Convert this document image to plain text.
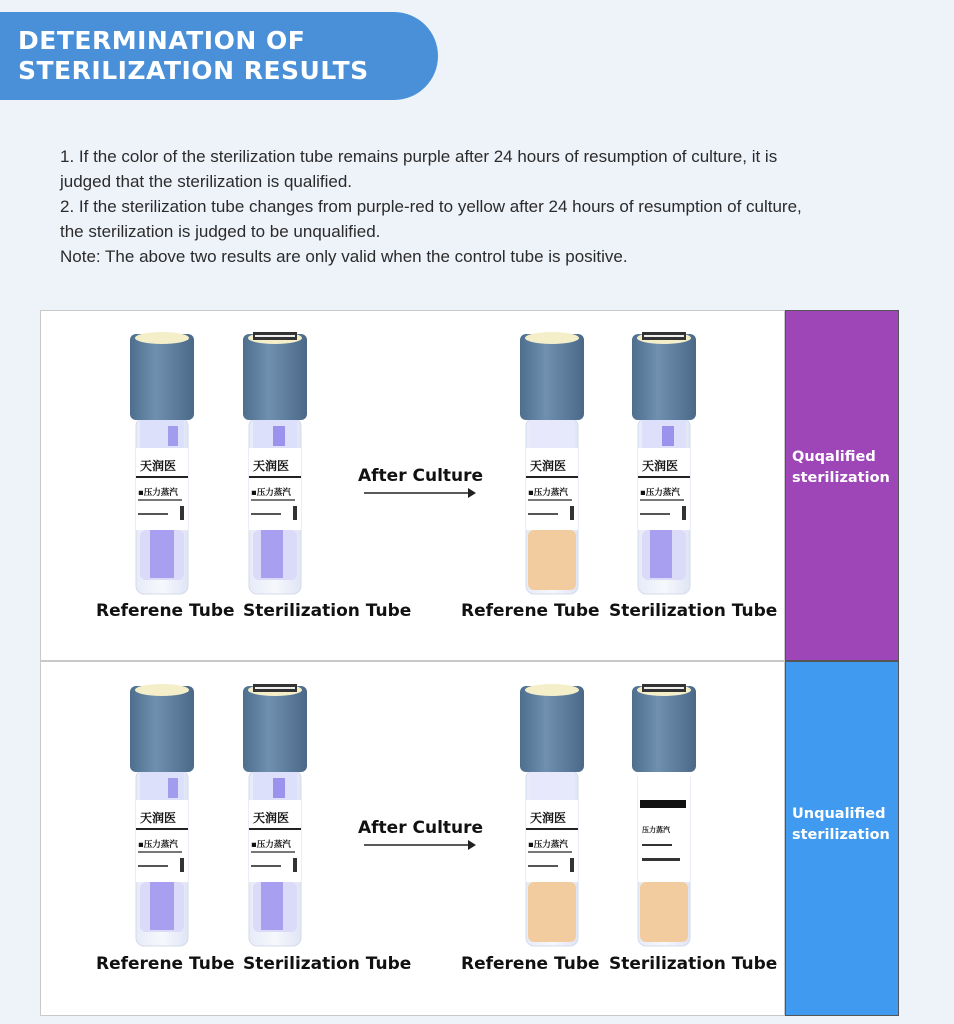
DETERMINATION OF
STERILIZATION RESULTS

1. If the color of the sterilization tube remains purple after 24 hours of resumption of culture, it is

judged that the sterilization is qualified.

2. If the sterilization tube changes from purple-red to yellow after 24 hours of resumption of culture,

the sterilization is judged to be unqualified.

Note: The above two results are only valid when the control tube is positive.

Quqalified sterilization
Unqualified sterilization
After Culture
After Culture
Referene Tube Sterilization Tube	Referene Tube Sterilization Tube
Referene Tube Sterilization Tube	Referene Tube Sterilization Tube
